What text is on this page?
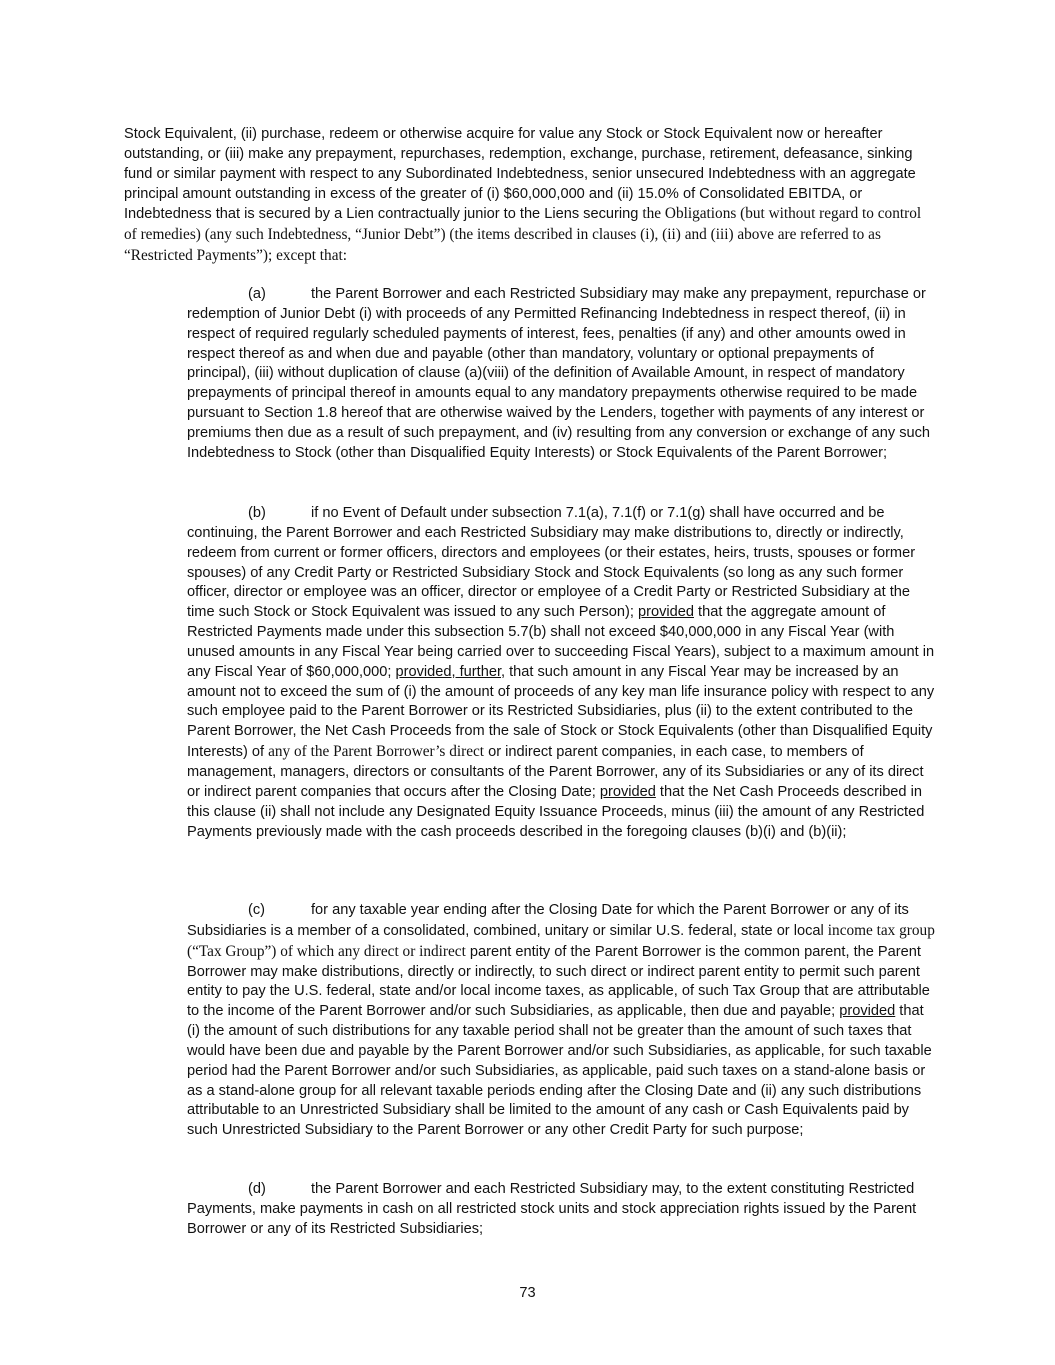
Stock Equivalent, (ii) purchase, redeem or otherwise acquire for value any Stock or Stock Equivalent now or hereafter outstanding, or (iii) make any prepayment, repurchases, redemption, exchange, purchase, retirement, defeasance, sinking fund or similar payment with respect to any Subordinated Indebtedness, senior unsecured Indebtedness with an aggregate principal amount outstanding in excess of the greater of (i) $60,000,000 and (ii) 15.0% of Consolidated EBITDA, or Indebtedness that is secured by a Lien contractually junior to the Liens securing the Obligations (but without regard to control of remedies) (any such Indebtedness, “Junior Debt”) (the items described in clauses (i), (ii) and (iii) above are referred to as “Restricted Payments”); except that:

(a)	the Parent Borrower and each Restricted Subsidiary may make any prepayment, repurchase or redemption of Junior Debt (i) with proceeds of any Permitted Refinancing Indebtedness in respect thereof, (ii) in respect of required regularly scheduled payments of interest, fees, penalties (if any) and other amounts owed in respect thereof as and when due and payable (other than mandatory, voluntary or optional prepayments of principal), (iii) without duplication of clause (a)(viii) of the definition of Available Amount, in respect of mandatory prepayments of principal thereof in amounts equal to any mandatory prepayments otherwise required to be made pursuant to Section 1.8 hereof that are otherwise waived by the Lenders, together with payments of any interest or premiums then due as a result of such prepayment, and (iv) resulting from any conversion or exchange of any such Indebtedness to Stock (other than Disqualified Equity Interests) or Stock Equivalents of the Parent Borrower;

(b)	if no Event of Default under subsection 7.1(a), 7.1(f) or 7.1(g) shall have occurred and be continuing, the Parent Borrower and each Restricted Subsidiary may make distributions to, directly or indirectly, redeem from current or former officers, directors and employees (or their estates, heirs, trusts, spouses or former spouses) of any Credit Party or Restricted Subsidiary Stock and Stock Equivalents (so long as any such former officer, director or employee was an officer, director or employee of a Credit Party or Restricted Subsidiary at the time such Stock or Stock Equivalent was issued to any such Person); provided that the aggregate amount of Restricted Payments made under this subsection 5.7(b) shall not exceed $40,000,000 in any Fiscal Year (with unused amounts in any Fiscal Year being carried over to succeeding Fiscal Years), subject to a maximum amount in any Fiscal Year of $60,000,000; provided, further, that such amount in any Fiscal Year may be increased by an amount not to exceed the sum of (i) the amount of proceeds of any key man life insurance policy with respect to any such employee paid to the Parent Borrower or its Restricted Subsidiaries, plus (ii) to the extent contributed to the Parent Borrower, the Net Cash Proceeds from the sale of Stock or Stock Equivalents (other than Disqualified Equity Interests) of any of the Parent Borrower’s direct or indirect parent companies, in each case, to members of management, managers, directors or consultants of the Parent Borrower, any of its Subsidiaries or any of its direct or indirect parent companies that occurs after the Closing Date; provided that the Net Cash Proceeds described in this clause (ii) shall not include any Designated Equity Issuance Proceeds, minus (iii) the amount of any Restricted Payments previously made with the cash proceeds described in the foregoing clauses (b)(i) and (b)(ii);

(c)	for any taxable year ending after the Closing Date for which the Parent Borrower or any of its Subsidiaries is a member of a consolidated, combined, unitary or similar U.S. federal, state or local income tax group (“Tax Group”) of which any direct or indirect parent entity of the Parent Borrower is the common parent, the Parent Borrower may make distributions, directly or indirectly, to such direct or indirect parent entity to permit such parent entity to pay the U.S. federal, state and/or local income taxes, as applicable, of such Tax Group that are attributable to the income of the Parent Borrower and/or such Subsidiaries, as applicable, then due and payable; provided that (i) the amount of such distributions for any taxable period shall not be greater than the amount of such taxes that would have been due and payable by the Parent Borrower and/or such Subsidiaries, as applicable, for such taxable period had the Parent Borrower and/or such Subsidiaries, as applicable, paid such taxes on a stand-alone basis or as a stand-alone group for all relevant taxable periods ending after the Closing Date and (ii) any such distributions attributable to an Unrestricted Subsidiary shall be limited to the amount of any cash or Cash Equivalents paid by such Unrestricted Subsidiary to the Parent Borrower or any other Credit Party for such purpose;

(d)	the Parent Borrower and each Restricted Subsidiary may, to the extent constituting Restricted Payments, make payments in cash on all restricted stock units and stock appreciation rights issued by the Parent Borrower or any of its Restricted Subsidiaries;

73
